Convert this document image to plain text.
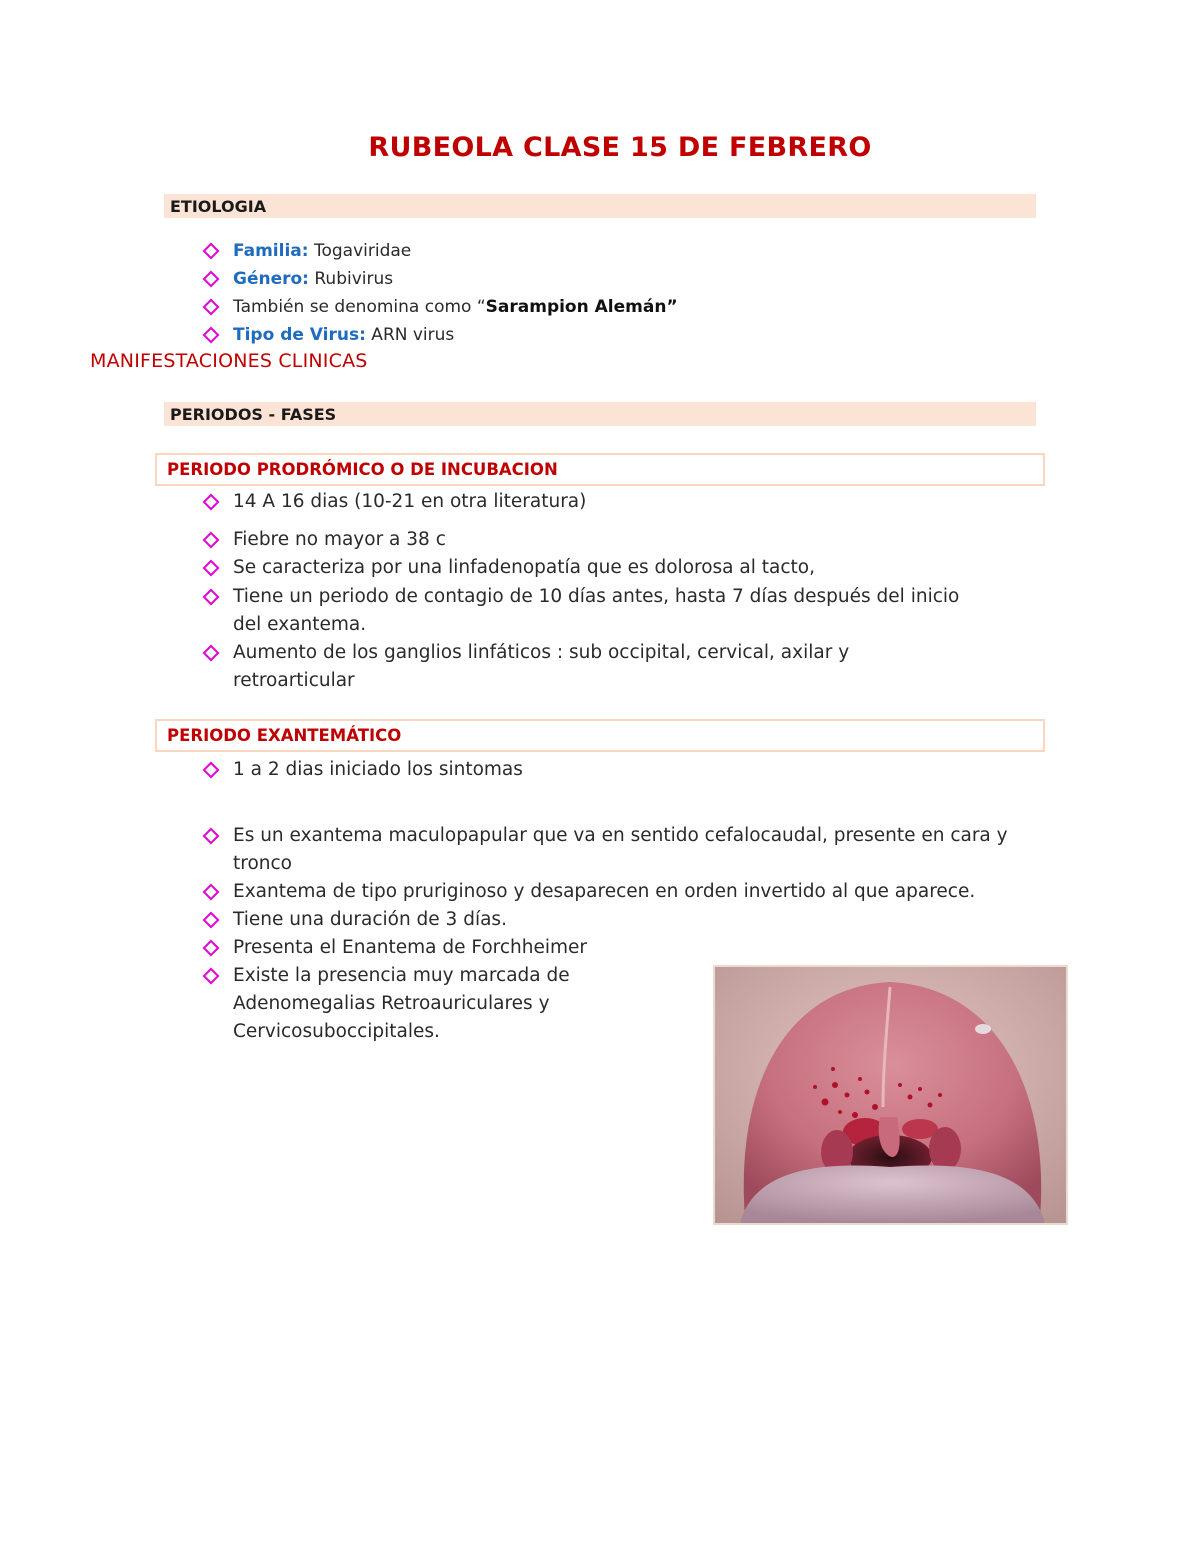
RUBEOLA CLASE 15 DE FEBRERO
ETIOLOGIA
Familia: Togaviridae
Género: Rubivirus
También se denomina como “Sarampion Alemán”
Tipo de Virus: ARN virus
MANIFESTACIONES CLINICAS
PERIODOS - FASES
PERIODO PRODRÓMICO O DE INCUBACION
14 A 16 dias (10-21 en otra literatura)
Fiebre no mayor a 38 c
Se caracteriza por una linfadenopatía que es dolorosa al tacto,
Tiene un periodo de contagio de 10 días antes, hasta 7 días después del inicio del exantema.
Aumento de los ganglios linfáticos : sub occipital, cervical, axilar y retroarticular
PERIODO EXANTEMÁTICO
1 a 2 dias iniciado los sintomas
Es un exantema maculopapular que va en sentido cefalocaudal, presente en cara y tronco
Exantema de tipo pruriginoso y desaparecen en orden invertido al que aparece.
Tiene una duración de 3 días.
Presenta el Enantema de Forchheimer
Existe la presencia muy marcada de Adenomegalias Retroauriculares y Cervicosuboccipitales.
